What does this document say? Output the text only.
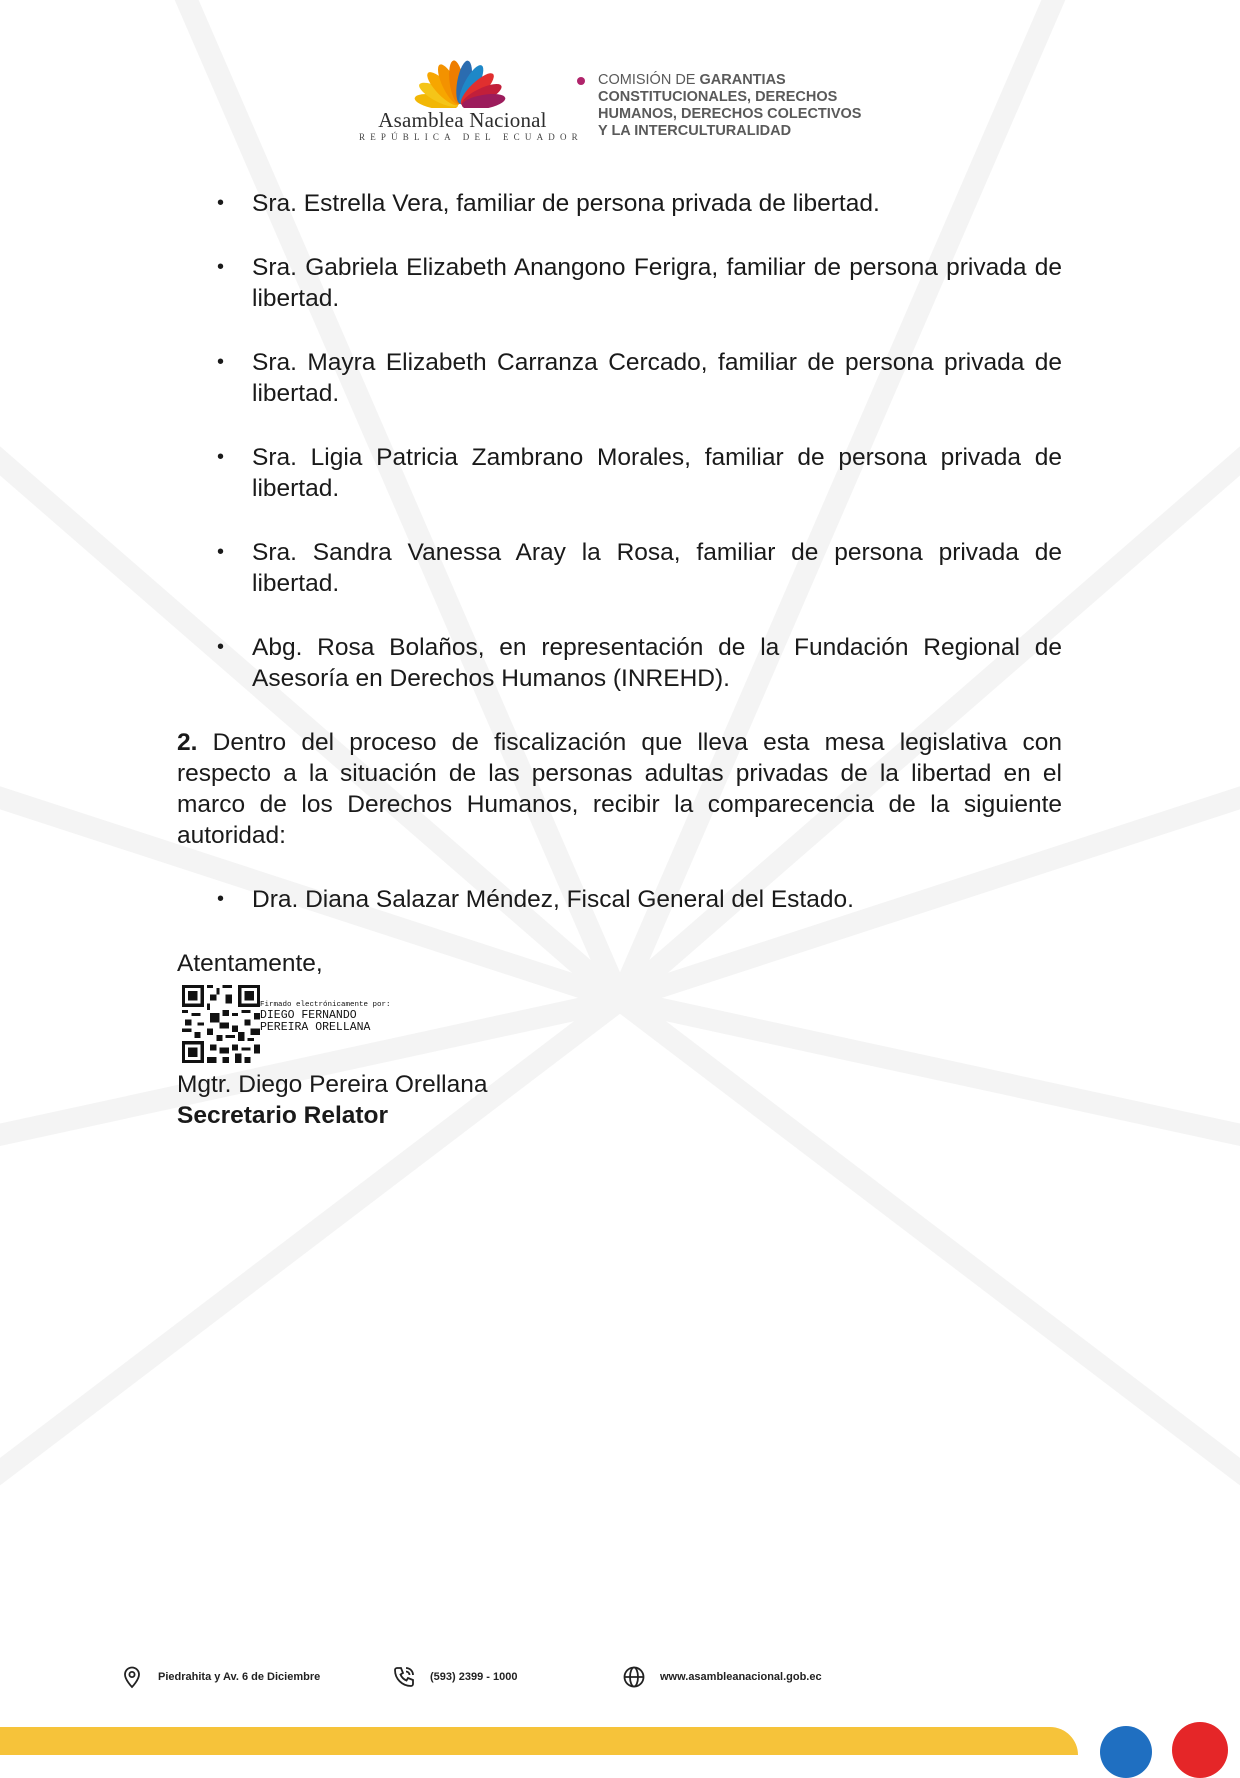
Asamblea Nacional
REPÚBLICA DEL ECUADOR
COMISIÓN DE GARANTIAS
CONSTITUCIONALES, DERECHOS
HUMANOS, DERECHOS COLECTIVOS
Y LA INTERCULTURALIDAD
• Sra. Estrella Vera, familiar de persona privada de libertad.
• Sra. Gabriela Elizabeth Anangono Ferigra, familiar de persona privada de libertad.
• Sra. Mayra Elizabeth Carranza Cercado, familiar de persona privada de libertad.
• Sra. Ligia Patricia Zambrano Morales, familiar de persona privada de libertad.
• Sra. Sandra Vanessa Aray la Rosa, familiar de persona privada de libertad.
• Abg. Rosa Bolaños, en representación de la Fundación Regional de Asesoría en Derechos Humanos (INREHD).

2. Dentro del proceso de fiscalización que lleva esta mesa legislativa con respecto a la situación de las personas adultas privadas de la libertad en el marco de los Derechos Humanos, recibir la comparecencia de la siguiente autoridad:

• Dra. Diana Salazar Méndez, Fiscal General del Estado.

Atentamente,

Firmado electrónicamente por:
DIEGO FERNANDO
PEREIRA ORELLANA

Mgtr. Diego Pereira Orellana

Secretario Relator

Piedrahita y Av. 6 de Diciembre	(593) 2399 - 1000	www.asambleanacional.gob.ec
